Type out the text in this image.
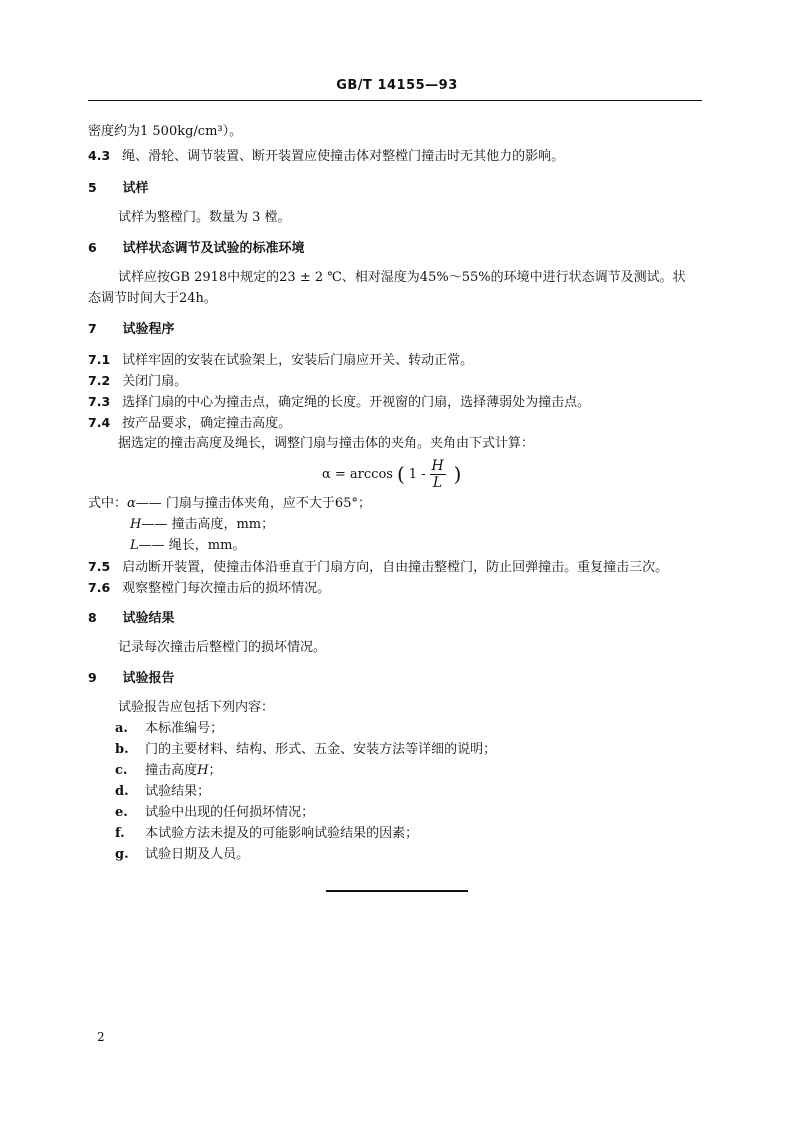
GB/T 14155—93
密度约为1 500kg/cm³）。
4.3 绳、滑轮、调节装置、断开装置应使撞击体对整樘门撞击时无其他力的影响。
5 试样
试样为整樘门。数量为 3 樘。
6 试样状态调节及试验的标准环境
试样应按GB 2918中规定的23 ± 2 ℃、相对湿度为45%～55%的环境中进行状态调节及测试。状
态调节时间大于24h。
7 试验程序
7.1 试样牢固的安装在试验架上，安装后门扇应开关、转动正常。
7.2 关闭门扇。
7.3 选择门扇的中心为撞击点，确定绳的长度。开视窗的门扇，选择薄弱处为撞击点。
7.4 按产品要求，确定撞击高度。
据选定的撞击高度及绳长，调整门扇与撞击体的夹角。夹角由下式计算：
α = arccos ( $1 - \frac{H}{L}$ )
式中：α—— 门扇与撞击体夹角，应不大于65°；
H—— 撞击高度，mm；
L—— 绳长，mm。
7.5 启动断开装置，使撞击体沿垂直于门扇方向，自由撞击整樘门，防止回弹撞击。重复撞击三次。
7.6 观察整樘门每次撞击后的损坏情况。
8 试验结果
记录每次撞击后整樘门的损坏情况。
9 试验报告
试验报告应包括下列内容：
a. 本标准编号；
b. 门的主要材料、结构、形式、五金、安装方法等详细的说明；
c. 撞击高度H；
d. 试验结果；
e. 试验中出现的任何损坏情况；
f. 本试验方法未提及的可能影响试验结果的因素；
g. 试验日期及人员。
2
